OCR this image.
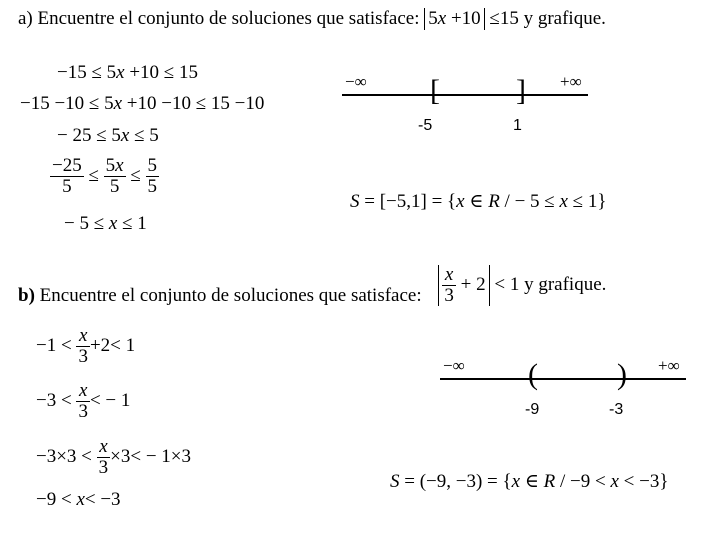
a) Encuentre el conjunto de soluciones que satisface: 5x +10 ≤15 y grafique.
−15 ≤ 5x +10 ≤ 15
−15 −10 ≤ 5x +10 −10 ≤ 15 −10
− 25 ≤ 5x ≤ 5
$\frac{-25}{5} \le \frac{5x}{5} \le \frac{5}{5}$
− 5 ≤ x ≤ 1
−∞	+∞
[	]
-5	1
S = [−5,1] = {x ∈ R / − 5 ≤ x ≤ 1}
b) Encuentre el conjunto de soluciones que satisface: $\frac{x}{3} + 2 < 1$ y grafique.
$-1 < \frac{x}{3} +2< 1$
$-3 < \frac{x}{3}$ < − 1
$-3\times 3 < \frac{x}{3} \times 3< - 1\times 3$
−9 < x< −3
−∞	+∞
(	)
-9	-3
S = (−9, −3) = {x ∈ R / −9 < x < −3}
